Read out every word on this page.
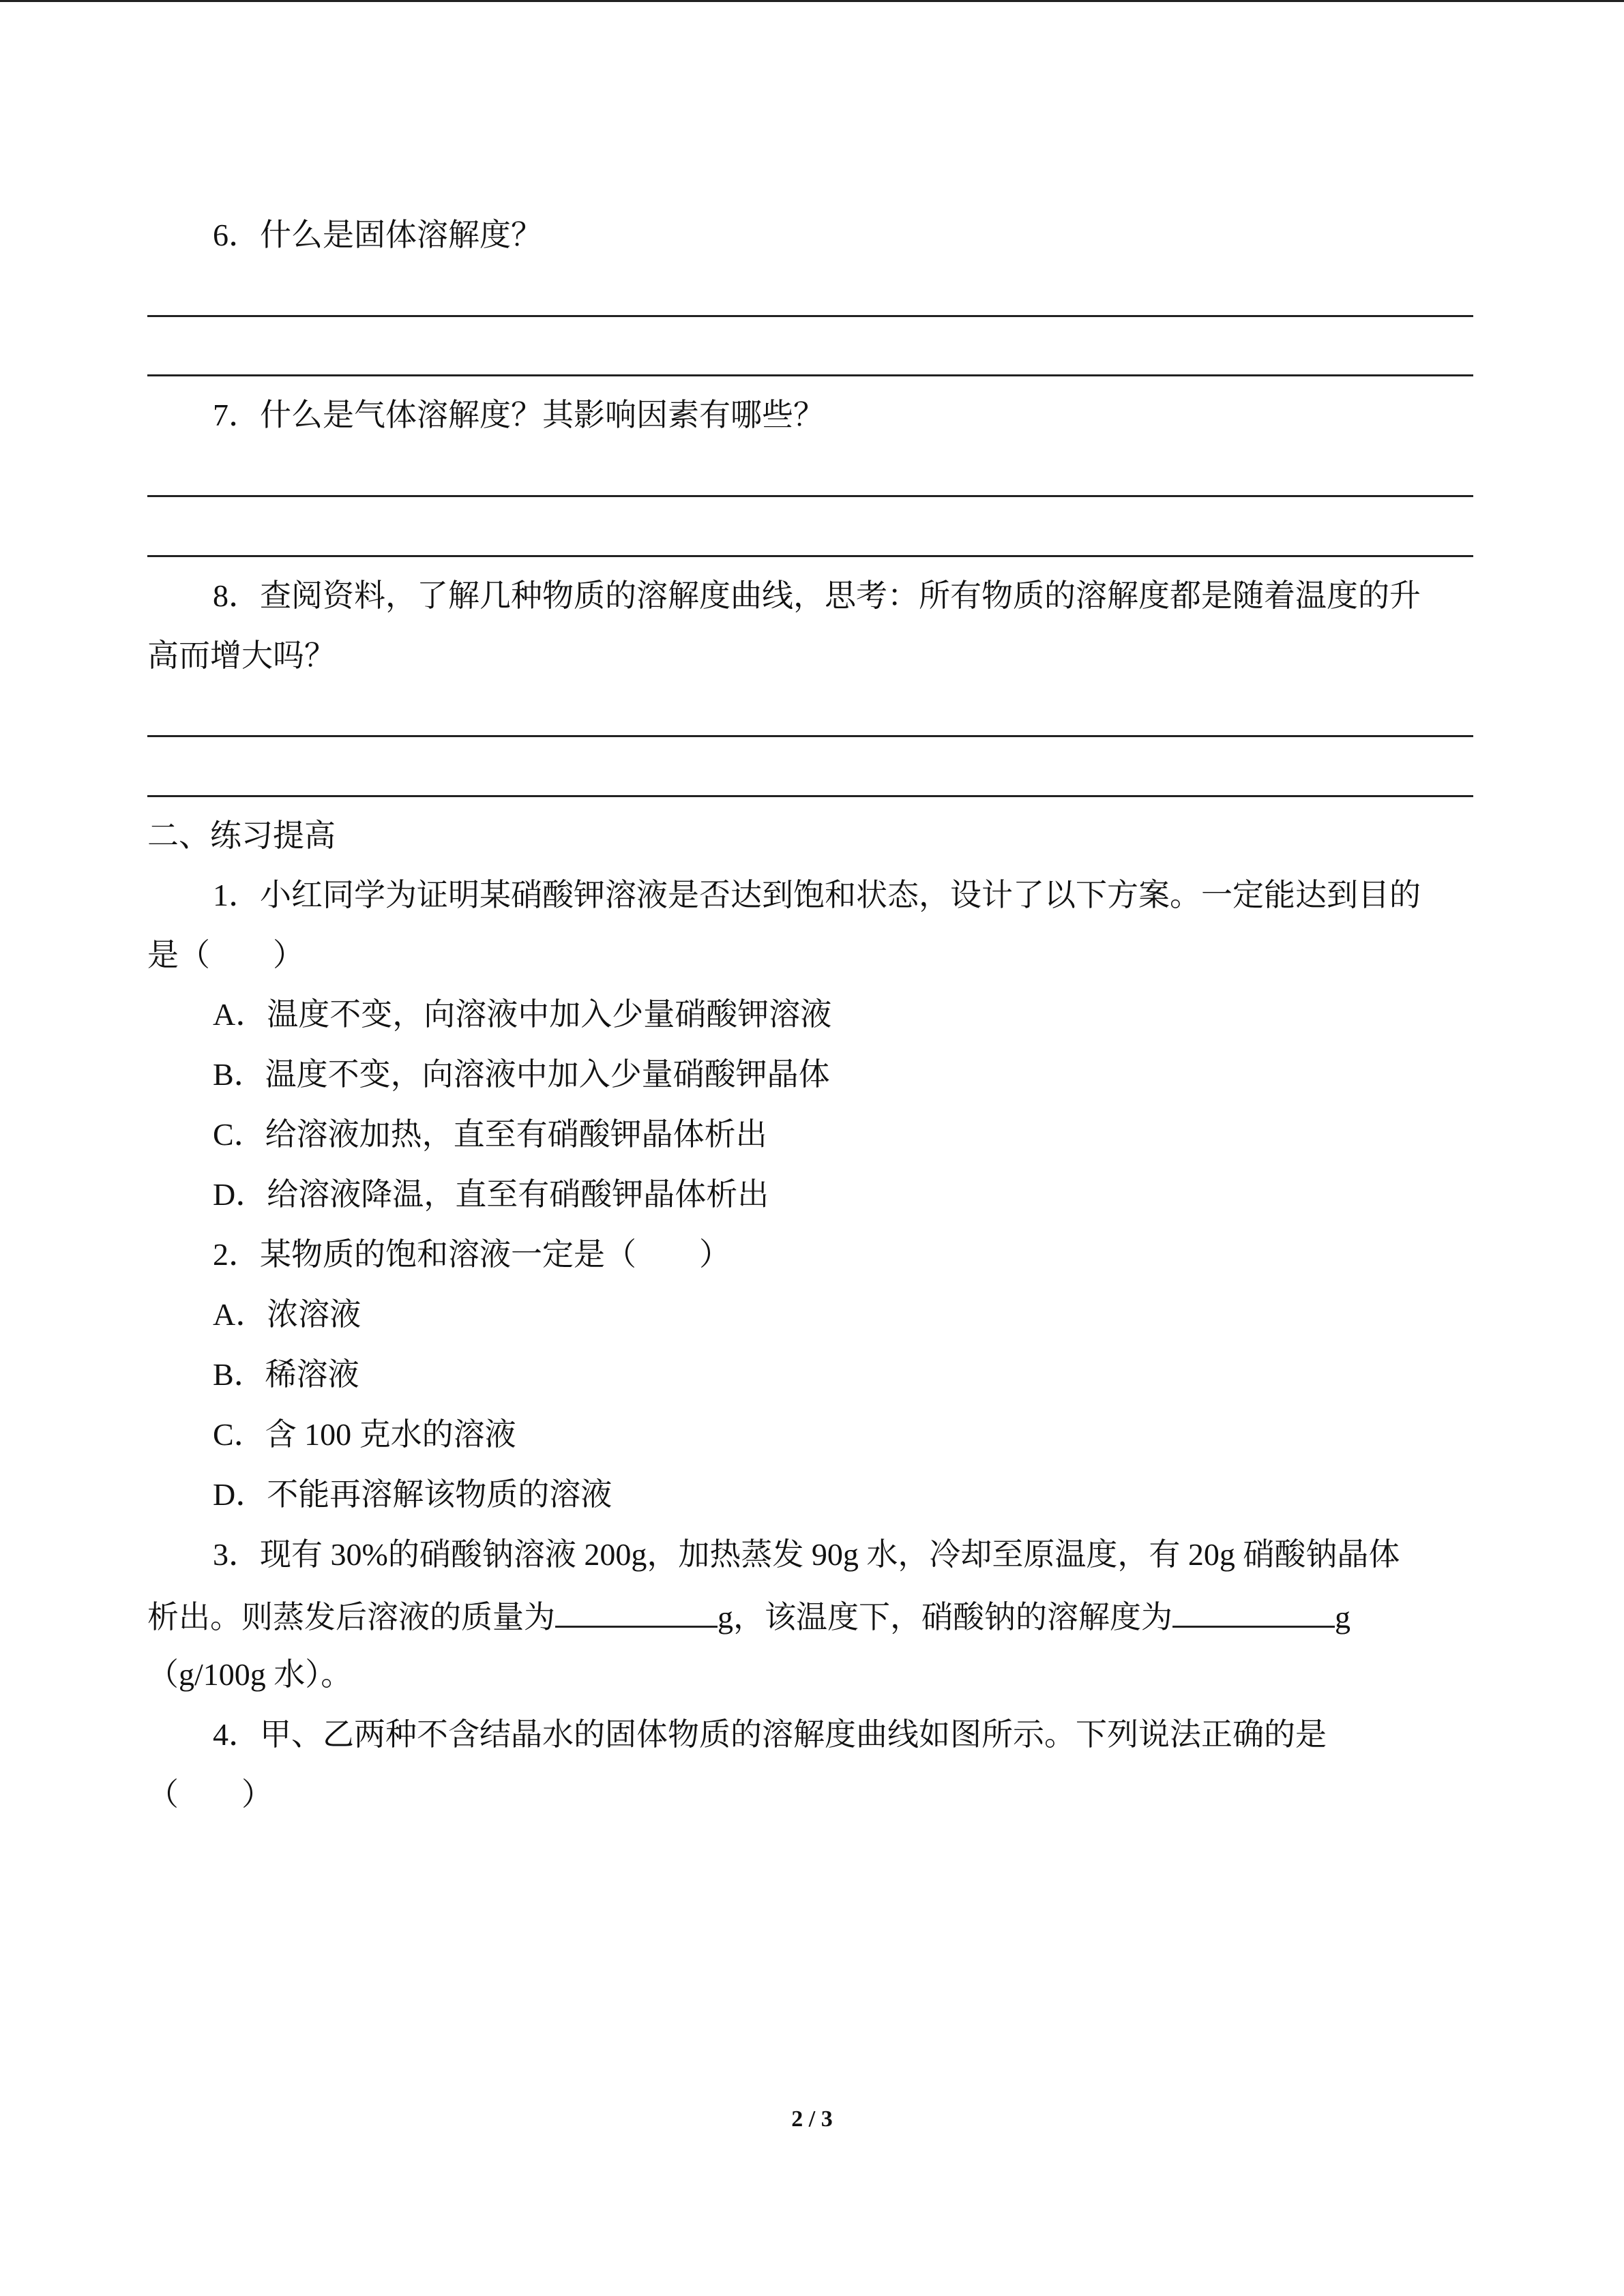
6．什么是固体溶解度？
7．什么是气体溶解度？其影响因素有哪些？
8．查阅资料，了解几种物质的溶解度曲线，思考：所有物质的溶解度都是随着温度的升
高而增大吗？
二、练习提高
1．小红同学为证明某硝酸钾溶液是否达到饱和状态，设计了以下方案。一定能达到目的
是（　　）
A．温度不变，向溶液中加入少量硝酸钾溶液
B．温度不变，向溶液中加入少量硝酸钾晶体
C．给溶液加热，直至有硝酸钾晶体析出
D．给溶液降温，直至有硝酸钾晶体析出
2．某物质的饱和溶液一定是（　　）
A．浓溶液
B．稀溶液
C．含 100 克水的溶液
D．不能再溶解该物质的溶液
3．现有 30%的硝酸钠溶液 200g，加热蒸发 90g 水，冷却至原温度，有 20g 硝酸钠晶体
析出。则蒸发后溶液的质量为	g，该温度下，硝酸钠的溶解度为	g
（g/100g 水）。
4．甲、乙两种不含结晶水的固体物质的溶解度曲线如图所示。下列说法正确的是
（　　）
2 / 3
